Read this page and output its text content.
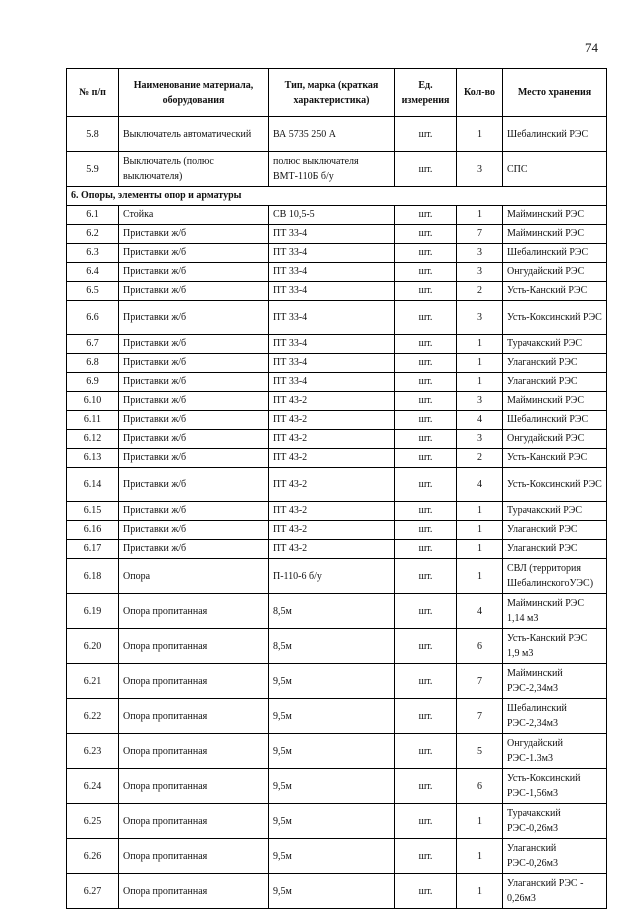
74
№ п/п	Наименование материала, оборудования	Тип, марка (краткая характеристика)	Ед. измерения	Кол-во	Место хранения
5.8	Выключатель автоматический	ВА 5735 250 А	шт.	1	Шебалинский РЭС
5.9	Выключатель (полюс выключателя)	полюс выключателя ВМТ-110Б б/у	шт.	3	СПС
6. Опоры, элементы опор и арматуры					
6.1	Стойка	СВ 10,5-5	шт.	1	Майминский РЭС
6.2	Приставки ж/б	ПТ 33-4	шт.	7	Майминский РЭС
6.3	Приставки ж/б	ПТ 33-4	шт.	3	Шебалинский РЭС
6.4	Приставки ж/б	ПТ 33-4	шт.	3	Онгудайский РЭС
6.5	Приставки ж/б	ПТ 33-4	шт.	2	Усть-Канский РЭС
6.6	Приставки ж/б	ПТ 33-4	шт.	3	Усть-Коксинский РЭС
6.7	Приставки ж/б	ПТ 33-4	шт.	1	Турачакский РЭС
6.8	Приставки ж/б	ПТ 33-4	шт.	1	Улаганский РЭС
6.9	Приставки ж/б	ПТ 33-4	шт.	1	Улаганский РЭС
6.10	Приставки ж/б	ПТ 43-2	шт.	3	Майминский РЭС
6.11	Приставки ж/б	ПТ 43-2	шт.	4	Шебалинский РЭС
6.12	Приставки ж/б	ПТ 43-2	шт.	3	Онгудайский РЭС
6.13	Приставки ж/б	ПТ 43-2	шт.	2	Усть-Канский РЭС
6.14	Приставки ж/б	ПТ 43-2	шт.	4	Усть-Коксинский РЭС
6.15	Приставки ж/б	ПТ 43-2	шт.	1	Турачакский РЭС
6.16	Приставки ж/б	ПТ 43-2	шт.	1	Улаганский РЭС
6.17	Приставки ж/б	ПТ 43-2	шт.	1	Улаганский РЭС
6.18	Опора	П-110-6 б/у	шт.	1	СВЛ (территория ШебалинскогоУЭС)
6.19	Опора пропитанная	8,5м	шт.	4	Майминский РЭС 1,14 м3
6.20	Опора пропитанная	8,5м	шт.	6	Усть-Канский РЭС 1,9 м3
6.21	Опора пропитанная	9,5м	шт.	7	Майминский РЭС-2,34м3
6.22	Опора пропитанная	9,5м	шт.	7	Шебалинский РЭС-2,34м3
6.23	Опора пропитанная	9,5м	шт.	5	Онгудайский РЭС-1.3м3
6.24	Опора пропитанная	9,5м	шт.	6	Усть-Коксинский РЭС-1,56м3
6.25	Опора пропитанная	9,5м	шт.	1	Турачакский РЭС-0,26м3
6.26	Опора пропитанная	9,5м	шт.	1	Улаганский РЭС-0,26м3
6.27	Опора пропитанная	9,5м	шт.	1	Улаганский РЭС - 0,26м3
